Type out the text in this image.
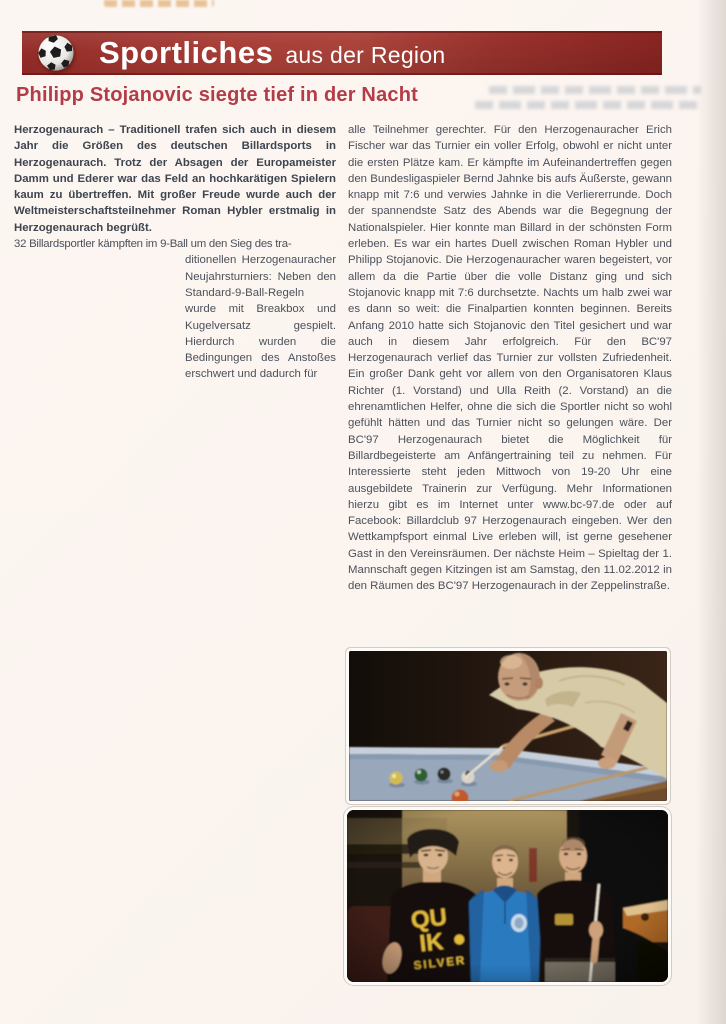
Sportliches aus der Region
Philipp Stojanovic siegte tief in der Nacht

Herzogenaurach – Traditionell trafen sich auch in diesem Jahr die Größen des deutschen Billardsports in Herzogenaurach. Trotz der Absagen der Europameister Damm und Ederer war das Feld an hochkarätigen Spielern kaum zu übertreffen. Mit großer Freude wurde auch der Weltmeisterschaftsteilnehmer Roman Hybler erstmalig in Herzogenaurach begrüßt.

32 Billardsportler kämpften im 9-Ball um den Sieg des tra-

ditionellen Herzogenauracher Neujahrsturniers: Neben den Standard-9-Ball-Regeln wurde mit Breakbox und Kugelversatz gespielt. Hierdurch wurden die Bedingungen des Anstoßes erschwert und dadurch für

alle Teilnehmer gerechter. Für den Herzogenauracher Erich Fischer war das Turnier ein voller Erfolg, obwohl er nicht unter die ersten Plätze kam. Er kämpfte im Aufeinandertreffen gegen den Bundesligaspieler Bernd Jahnke bis aufs Äußerste, gewann knapp mit 7:6 und verwies Jahnke in die Verliererrunde. Doch der spannendste Satz des Abends war die Begegnung der Nationalspieler. Hier konnte man Billard in der schönsten Form erleben. Es war ein hartes Duell zwischen Roman Hybler und Philipp Stojanovic. Die Herzogenauracher waren begeistert, vor allem da die Partie über die volle Distanz ging und sich Stojanovic knapp mit 7:6 durchsetzte. Nachts um halb zwei war es dann so weit: die Finalpartien konnten beginnen. Bereits Anfang 2010 hatte sich Stojanovic den Titel gesichert und war auch in diesem Jahr erfolgreich. Für den BC'97 Herzogenaurach verlief das Turnier zur vollsten Zufriedenheit. Ein großer Dank geht vor allem von den Organisatoren Klaus Richter (1. Vorstand) und Ulla Reith (2. Vorstand) an die ehrenamtlichen Helfer, ohne die sich die Sportler nicht so wohl gefühlt hätten und das Turnier nicht so gelungen wäre. Der BC'97 Herzogenaurach bietet die Möglichkeit für Billardbegeisterte am Anfängertraining teil zu nehmen. Für Interessierte steht jeden Mittwoch von 19-20 Uhr eine ausgebildete Trainerin zur Verfügung. Mehr Informationen hierzu gibt es im Internet unter www.bc-97.de oder auf Facebook: Billardclub 97 Herzogenaurach eingeben. Wer den Wettkampfsport einmal Live erleben will, ist gerne gesehener Gast in den Vereinsräumen. Der nächste Heim – Spieltag der 1. Mannschaft gegen Kitzingen ist am Samstag, den 11.02.2012 in den Räumen des BC'97 Herzogenaurach in der Zeppelinstraße.
